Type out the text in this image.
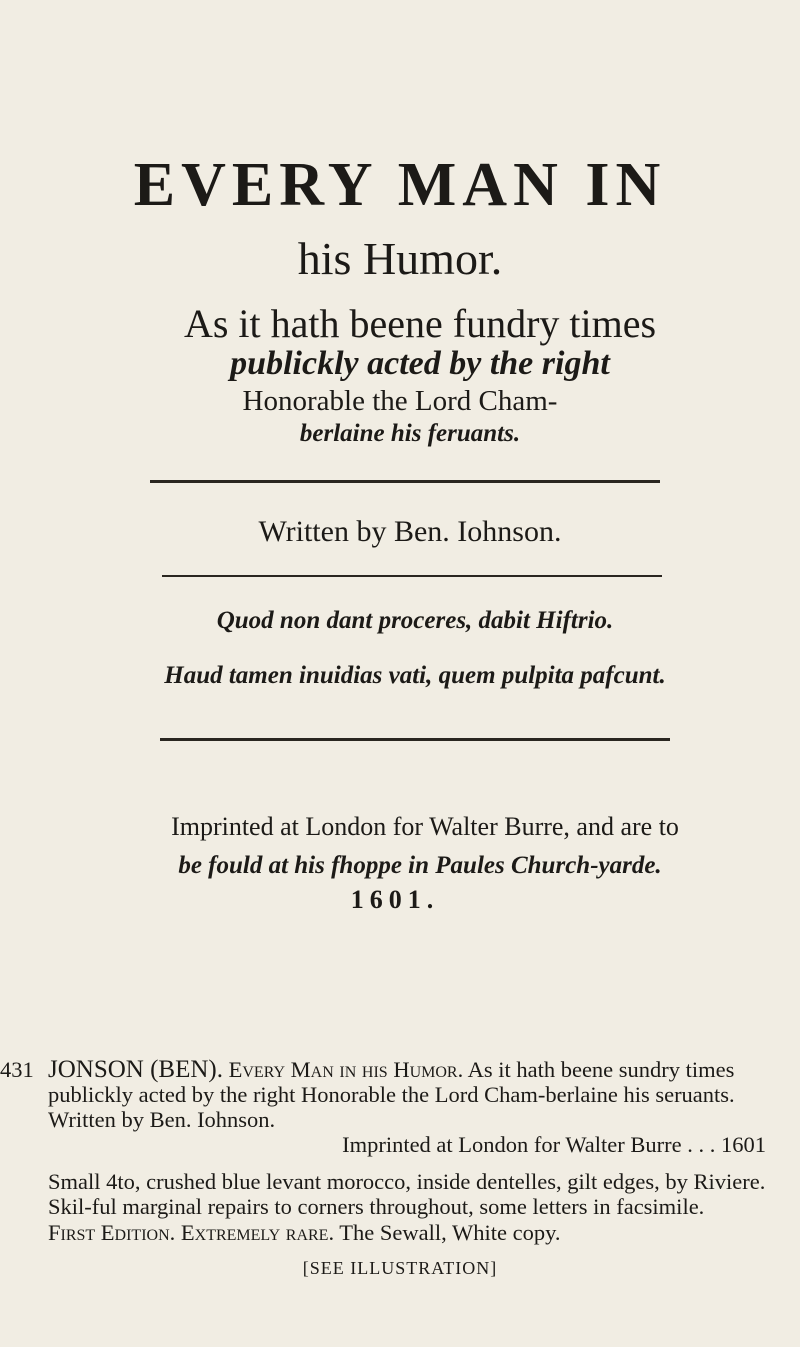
EVERY MAN IN
his Humor.
As it hath beene fundry times
publickly acted by the right
Honorable the Lord Cham-
berlaine his feruants.
Written by Ben. Iohnson.
Quod non dant proceres, dabit Hiftrio.
Haud tamen inuidias vati, quem pulpita pafcunt.
Imprinted at London for Walter Burre, and are to
be fould at his fhoppe in Paules Church-yarde.
1601.
431 JONSON (BEN). Every Man in his Humor. As it hath beene sundry times publickly acted by the right Honorable the Lord Cham-berlaine his seruants. Written by Ben. Iohnson.
Imprinted at London for Walter Burre . . . 1601
Small 4to, crushed blue levant morocco, inside dentelles, gilt edges, by Riviere. Skil-ful marginal repairs to corners throughout, some letters in facsimile.
First Edition. Extremely rare. The Sewall, White copy.
[SEE ILLUSTRATION]
